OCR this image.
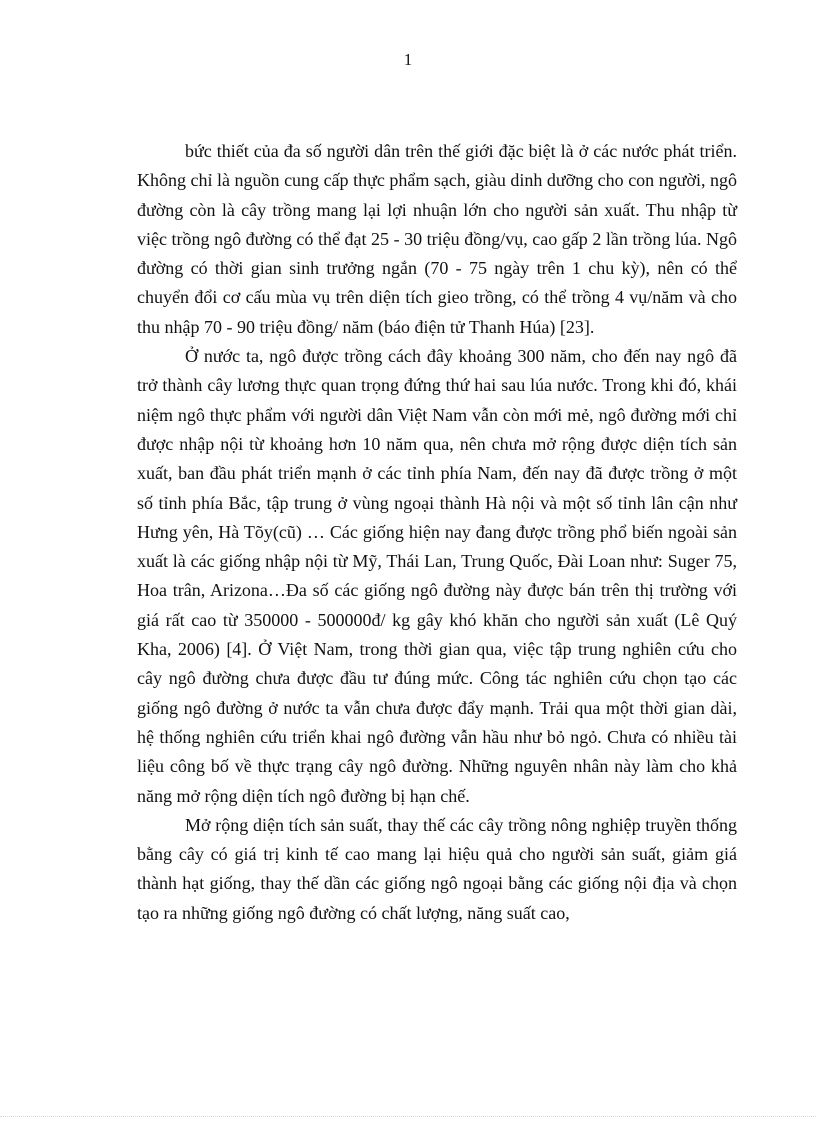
1

bức thiết của đa số người dân trên thế giới đặc biệt là ở các nước phát triển. Không chỉ là nguồn cung cấp thực phẩm sạch, giàu dinh dưỡng cho con người, ngô đường còn là cây trồng mang lại lợi nhuận lớn cho người sản xuất. Thu nhập từ việc trồng ngô đường có thể đạt 25 - 30 triệu đồng/vụ, cao gấp 2 lần trồng lúa. Ngô đường có thời gian sinh trưởng ngắn (70 - 75 ngày trên 1 chu kỳ), nên có thể chuyển đổi cơ cấu mùa vụ trên diện tích gieo trồng, có thể trồng 4 vụ/năm và cho thu nhập 70 - 90 triệu đồng/ năm (báo điện tử Thanh Húa) [23].

Ở nước ta, ngô được trồng cách đây khoảng 300 năm, cho đến nay ngô đã trở thành cây lương thực quan trọng đứng thứ hai sau lúa nước. Trong khi đó, khái niệm ngô thực phẩm với người dân Việt Nam vẫn còn mới mẻ, ngô đường mới chỉ được nhập nội từ khoảng hơn 10 năm qua, nên chưa mở rộng được diện tích sản xuất, ban đầu phát triển mạnh ở các tỉnh phía Nam, đến nay đã được trồng ở một số tỉnh phía Bắc, tập trung ở vùng ngoại thành Hà nội và một số tỉnh lân cận như Hưng yên, Hà Tõy(cũ) … Các giống hiện nay đang được trồng phổ biến ngoài sản xuất là các giống nhập nội từ Mỹ, Thái Lan, Trung Quốc, Đài Loan như: Suger 75, Hoa trân, Arizona…Đa số các giống ngô đường này được bán trên thị trường với giá rất cao từ 350000 - 500000đ/ kg gây khó khăn cho người sản xuất (Lê Quý Kha, 2006) [4]. Ở Việt Nam, trong thời gian qua, việc tập trung nghiên cứu cho cây ngô đường chưa được đầu tư đúng mức. Công tác nghiên cứu chọn tạo các giống ngô đường ở nước ta vẫn chưa được đẩy mạnh. Trải qua một thời gian dài, hệ thống nghiên cứu triển khai ngô đường vẫn hầu như bỏ ngỏ. Chưa có nhiều tài liệu công bố về thực trạng cây ngô đường. Những nguyên nhân này làm cho khả năng mở rộng diện tích ngô đường bị hạn chế.

Mở rộng diện tích sản suất, thay thế các cây trồng nông nghiệp truyền thống bằng cây có giá trị kinh tế cao mang lại hiệu quả cho người sản suất, giảm giá thành hạt giống, thay thế dần các giống ngô ngoại bằng các giống nội địa và chọn tạo ra những giống ngô đường có chất lượng, năng suất cao,
